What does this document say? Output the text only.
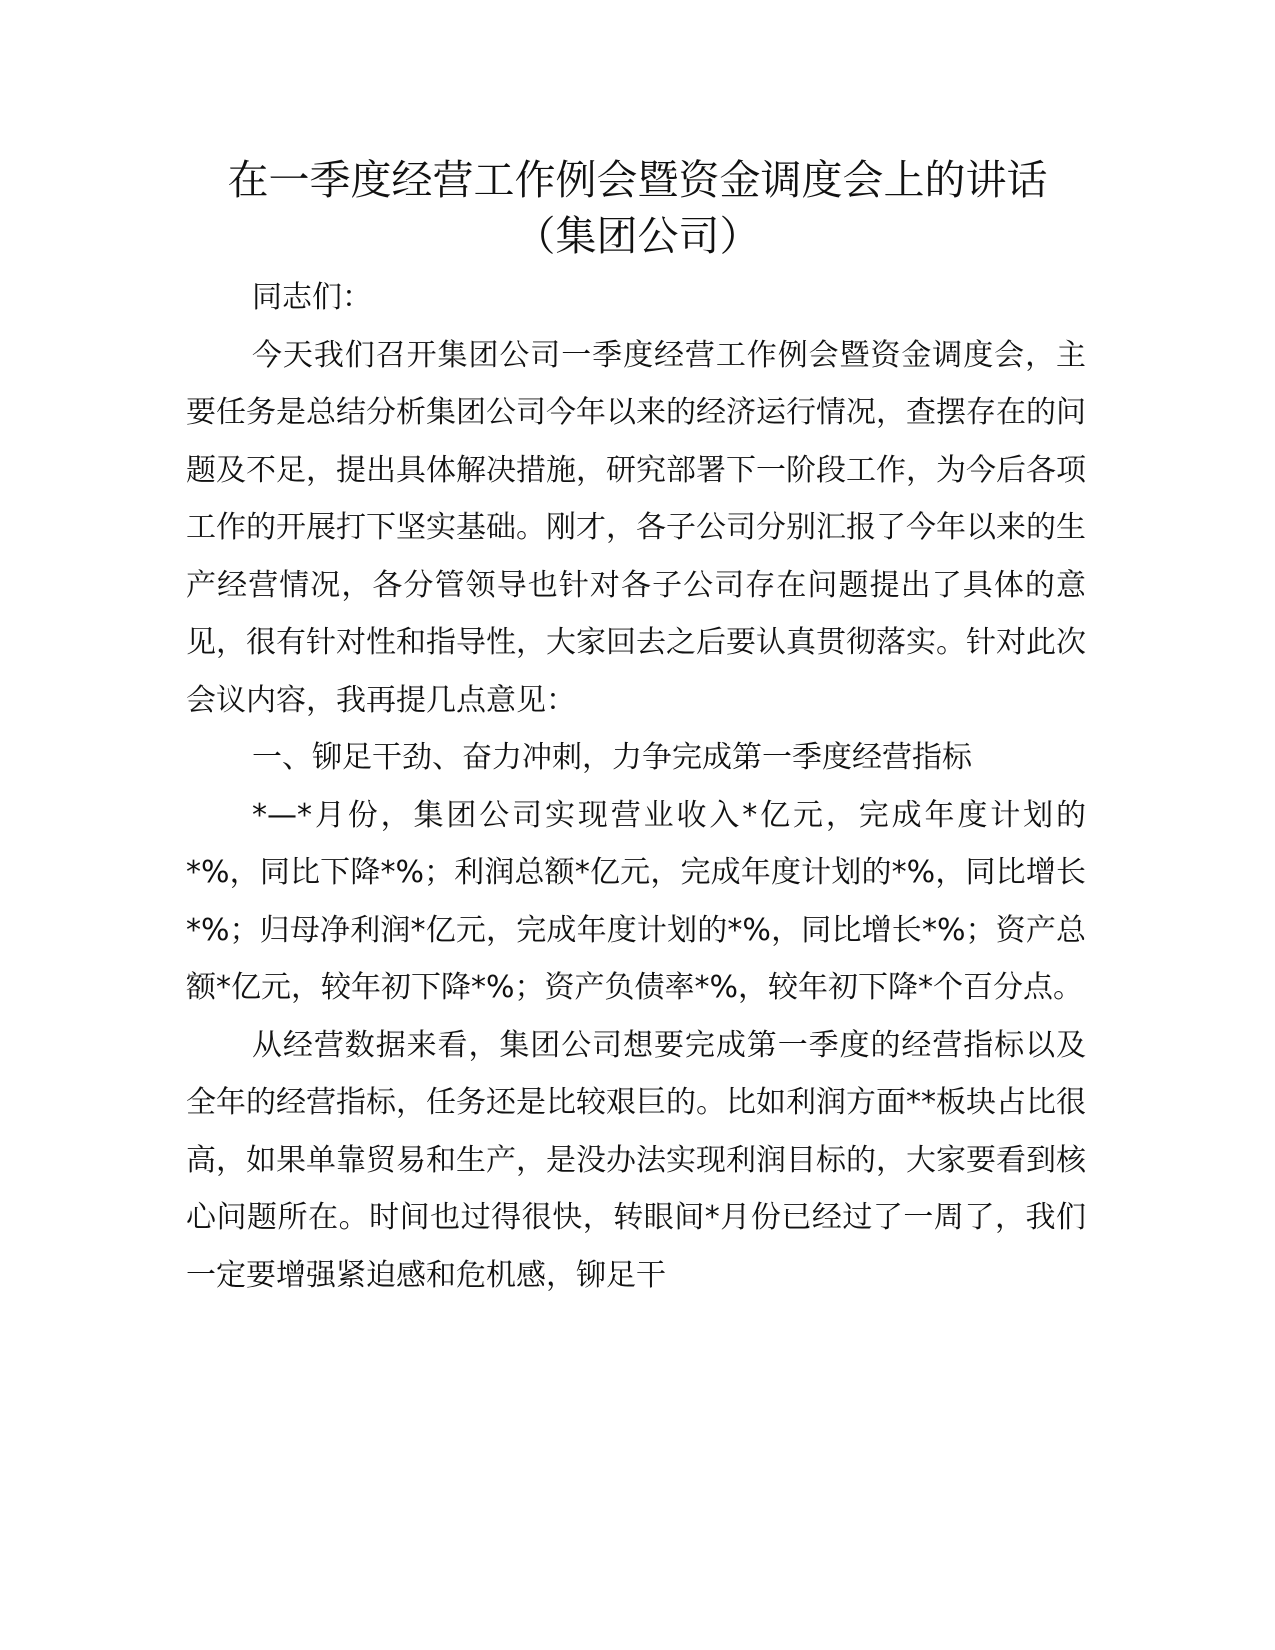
在一季度经营工作例会暨资金调度会上的讲话
（集团公司）

同志们：

今天我们召开集团公司一季度经营工作例会暨资金调度会，主要任务是总结分析集团公司今年以来的经济运行情况，查摆存在的问题及不足，提出具体解决措施，研究部署下一阶段工作，为今后各项工作的开展打下坚实基础。刚才，各子公司分别汇报了今年以来的生产经营情况，各分管领导也针对各子公司存在问题提出了具体的意见，很有针对性和指导性，大家回去之后要认真贯彻落实。针对此次会议内容，我再提几点意见：

一、铆足干劲、奋力冲刺，力争完成第一季度经营指标

*—*月份，集团公司实现营业收入*亿元，完成年度计划的*%，同比下降*%；利润总额*亿元，完成年度计划的*%，同比增长*%；归母净利润*亿元，完成年度计划的*%，同比增长*%；资产总额*亿元，较年初下降*%；资产负债率*%，较年初下降*个百分点。

从经营数据来看，集团公司想要完成第一季度的经营指标以及全年的经营指标，任务还是比较艰巨的。比如利润方面**板块占比很高，如果单靠贸易和生产，是没办法实现利润目标的，大家要看到核心问题所在。时间也过得很快，转眼间*月份已经过了一周了，我们一定要增强紧迫感和危机感，铆足干
